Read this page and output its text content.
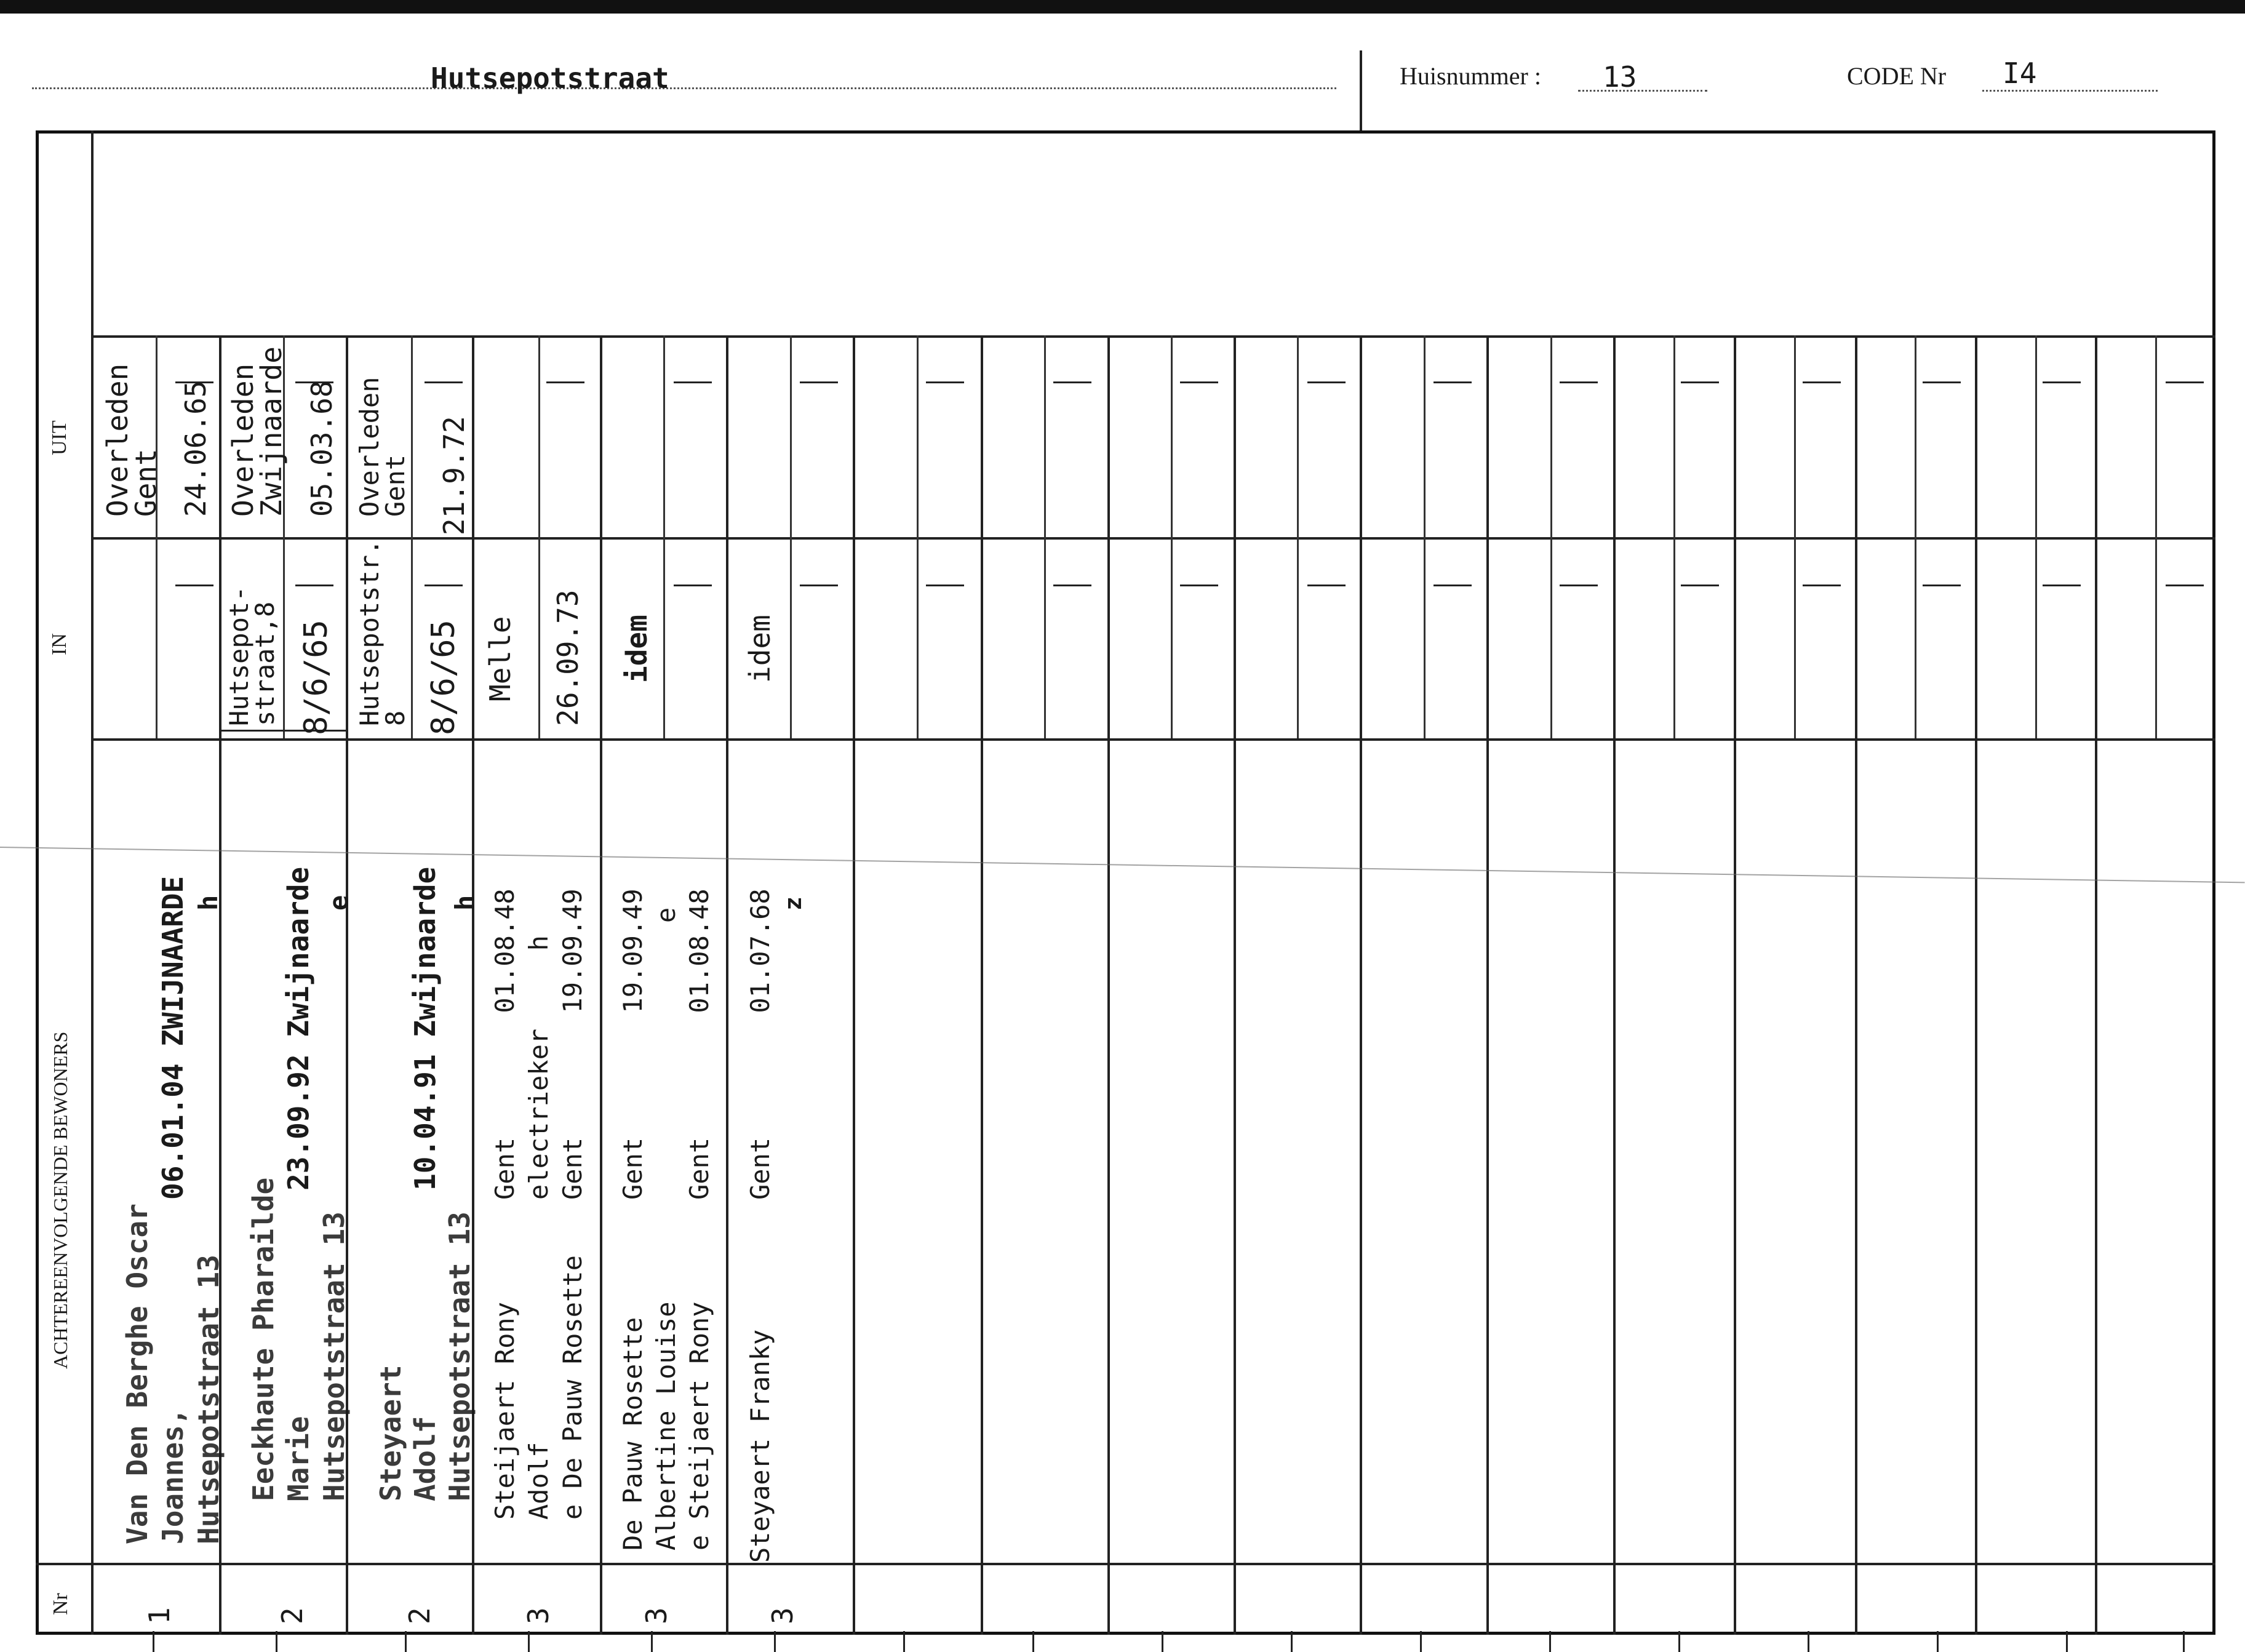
Hutsepotstraat	Huisnummer : 13	CODE Nr I4
UIT
IN
ACHTEREENVOLGENDE BEWONERS
Nr
Overleden
Gent 24.06.65
Van Den Berghe Oscar Joannes, Hutsepotstraat 13
06.01.04 ZWIJNAARDE h
1
Overleden
Zwijnaarde 05.03.68
Hutsepot-
straat,8 8/6/65
Eeckhaute Pharailde Marie Hutsepotstraat 13
23.09.92 Zwijnaarde e
2
Overleden
Gent 21.9.72
Hutsepotstr.
8 8/6/65
Steyaert Adolf Hutsepotstraat 13
10.04.91 Zwijnaarde h
2
Melle 26.09.73
Steijaert Rony Adolf e De Pauw Rosette
Gent        01.08.48 electrieker     h Gent        19.09.49
3
idem
De Pauw Rosette Albertine Louise e Steijaert Rony
Gent        19.09.49 e Gent        01.08.48
3
idem
Steyaert Franky
Gent        01.07.68 z
3
